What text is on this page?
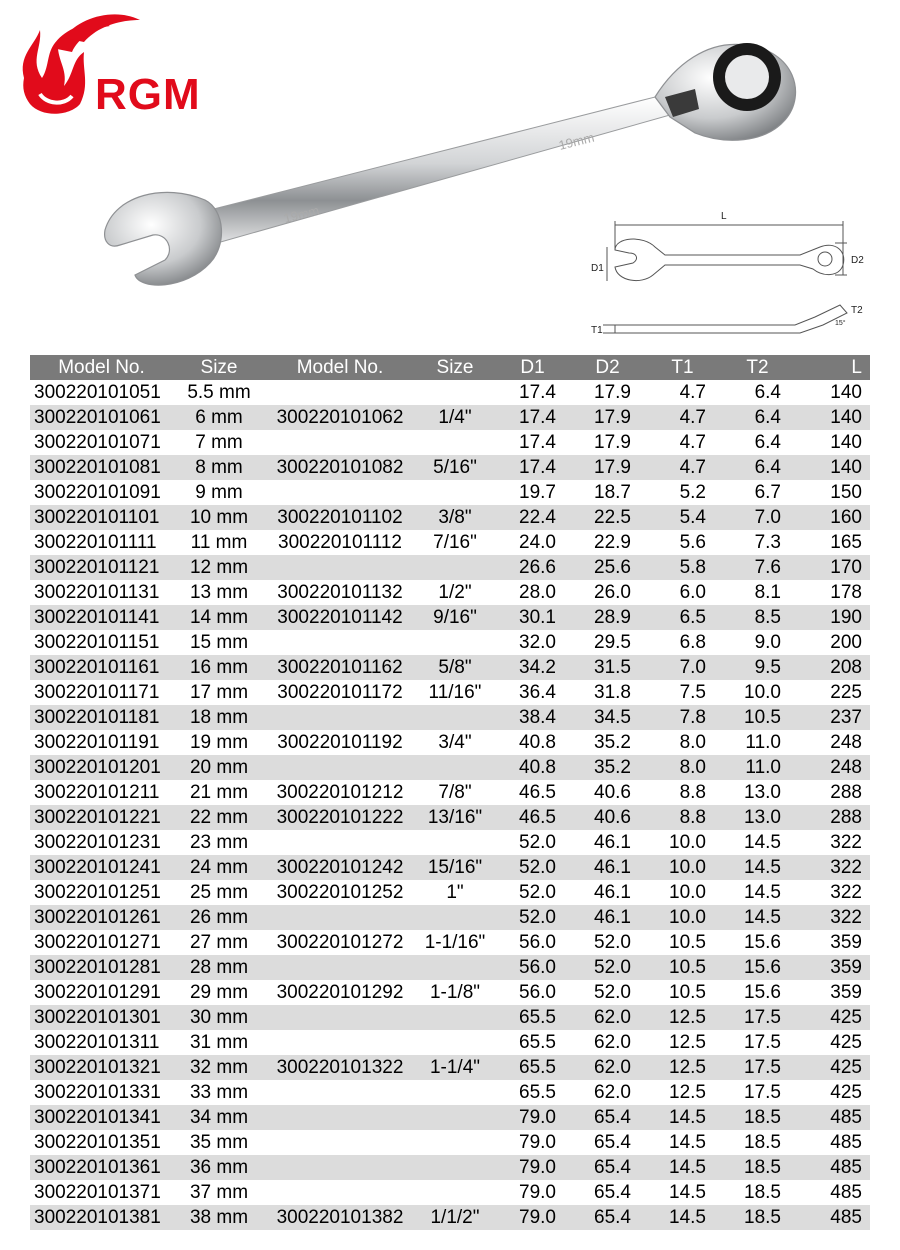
RGM
19mm
19mm
L
D1
D2
T1
T2
15°
Model No.	Size	Model No.	Size	D1	D2	T1	T2	L
300220101051	5.5 mm			17.4	17.9	4.7	6.4	140
300220101061	6 mm	300220101062	1/4"	17.4	17.9	4.7	6.4	140
300220101071	7 mm			17.4	17.9	4.7	6.4	140
300220101081	8 mm	300220101082	5/16"	17.4	17.9	4.7	6.4	140
300220101091	9 mm			19.7	18.7	5.2	6.7	150
300220101101	10 mm	300220101102	3/8"	22.4	22.5	5.4	7.0	160
300220101111	11 mm	300220101112	7/16"	24.0	22.9	5.6	7.3	165
300220101121	12 mm			26.6	25.6	5.8	7.6	170
300220101131	13 mm	300220101132	1/2"	28.0	26.0	6.0	8.1	178
300220101141	14 mm	300220101142	9/16"	30.1	28.9	6.5	8.5	190
300220101151	15 mm			32.0	29.5	6.8	9.0	200
300220101161	16 mm	300220101162	5/8"	34.2	31.5	7.0	9.5	208
300220101171	17 mm	300220101172	11/16"	36.4	31.8	7.5	10.0	225
300220101181	18 mm			38.4	34.5	7.8	10.5	237
300220101191	19 mm	300220101192	3/4"	40.8	35.2	8.0	11.0	248
300220101201	20 mm			40.8	35.2	8.0	11.0	248
300220101211	21 mm	300220101212	7/8"	46.5	40.6	8.8	13.0	288
300220101221	22 mm	300220101222	13/16"	46.5	40.6	8.8	13.0	288
300220101231	23 mm			52.0	46.1	10.0	14.5	322
300220101241	24 mm	300220101242	15/16"	52.0	46.1	10.0	14.5	322
300220101251	25 mm	300220101252	1"	52.0	46.1	10.0	14.5	322
300220101261	26 mm			52.0	46.1	10.0	14.5	322
300220101271	27 mm	300220101272	1-1/16"	56.0	52.0	10.5	15.6	359
300220101281	28 mm			56.0	52.0	10.5	15.6	359
300220101291	29 mm	300220101292	1-1/8"	56.0	52.0	10.5	15.6	359
300220101301	30 mm			65.5	62.0	12.5	17.5	425
300220101311	31 mm			65.5	62.0	12.5	17.5	425
300220101321	32 mm	300220101322	1-1/4"	65.5	62.0	12.5	17.5	425
300220101331	33 mm			65.5	62.0	12.5	17.5	425
300220101341	34 mm			79.0	65.4	14.5	18.5	485
300220101351	35 mm			79.0	65.4	14.5	18.5	485
300220101361	36 mm			79.0	65.4	14.5	18.5	485
300220101371	37 mm			79.0	65.4	14.5	18.5	485
300220101381	38 mm	300220101382	1/1/2"	79.0	65.4	14.5	18.5	485
